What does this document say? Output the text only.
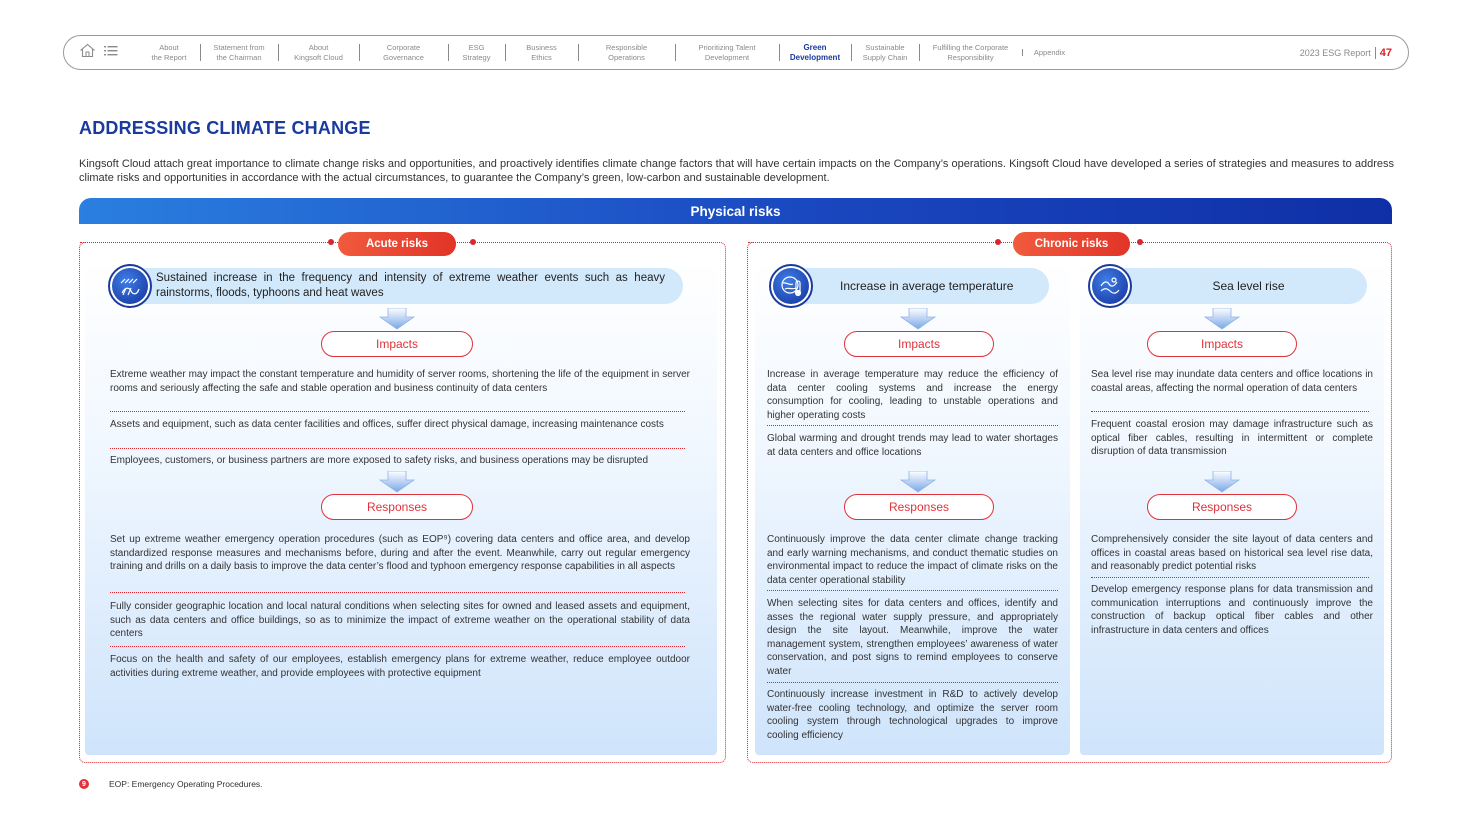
About
the Report
Statement from
the Chairman
About
Kingsoft Cloud
Corporate
Governance
ESG
Strategy
Business
Ethics
Responsible
Operations
Prioritizing Talent
Development
Green
Development
Sustainable
Supply Chain
Fulfilling the Corporate
Responsibility
Appendix	2023 ESG Report 47
ADDRESSING CLIMATE CHANGE
Kingsoft Cloud attach great importance to climate change risks and opportunities, and proactively identifies climate change factors that will have certain impacts on the Company’s operations. Kingsoft Cloud have developed a series of strategies and measures to address climate risks and opportunities in accordance with the actual circumstances, to guarantee the Company’s green, low-carbon and sustainable development.
Physical risks
Acute risks	Chronic risks
Sustained increase in the frequency and intensity of extreme weather events such as heavy rainstorms, floods, typhoons and heat waves
Impacts
Extreme weather may impact the constant temperature and humidity of server rooms, shortening the life of the equipment in server rooms and seriously affecting the safe and stable operation and business continuity of data centers
Assets and equipment, such as data center facilities and offices, suffer direct physical damage, increasing maintenance costs
Employees, customers, or business partners are more exposed to safety risks, and business operations may be disrupted
Responses
Set up extreme weather emergency operation procedures (such as EOP⁹) covering data centers and office area, and develop standardized response measures and mechanisms before, during and after the event. Meanwhile, carry out regular emergency training and drills on a daily basis to improve the data center’s flood and typhoon emergency response capabilities in all aspects
Fully consider geographic location and local natural conditions when selecting sites for owned and leased assets and equipment, such as data centers and office buildings, so as to minimize the impact of extreme weather on the operational stability of data centers
Focus on the health and safety of our employees, establish emergency plans for extreme weather, reduce employee outdoor activities during extreme weather, and provide employees with protective equipment
Increase in average temperature
Impacts
Increase in average temperature may reduce the efficiency of data center cooling systems and increase the energy consumption for cooling, leading to unstable operations and higher operating costs
Global warming and drought trends may lead to water shortages at data centers and office locations
Responses
Continuously improve the data center climate change tracking and early warning mechanisms, and conduct thematic studies on environmental impact to reduce the impact of climate risks on the data center operational stability
When selecting sites for data centers and offices, identify and asses the regional water supply pressure, and appropriately design the site layout. Meanwhile, improve the water management system, strengthen employees’ awareness of water conservation, and post signs to remind employees to conserve water
Continuously increase investment in R&D to actively develop water-free cooling technology, and optimize the server room cooling system through technological upgrades to improve cooling efficiency
Sea level rise
Impacts
Sea level rise may inundate data centers and office locations in coastal areas, affecting the normal operation of data centers
Frequent coastal erosion may damage infrastructure such as optical fiber cables, resulting in intermittent or complete disruption of data transmission
Responses
Comprehensively consider the site layout of data centers and offices in coastal areas based on historical sea level rise data, and reasonably predict potential risks
Develop emergency response plans for data transmission and communication interruptions and continuously improve the construction of backup optical fiber cables and other infrastructure in data centers and offices
9	EOP: Emergency Operating Procedures.
